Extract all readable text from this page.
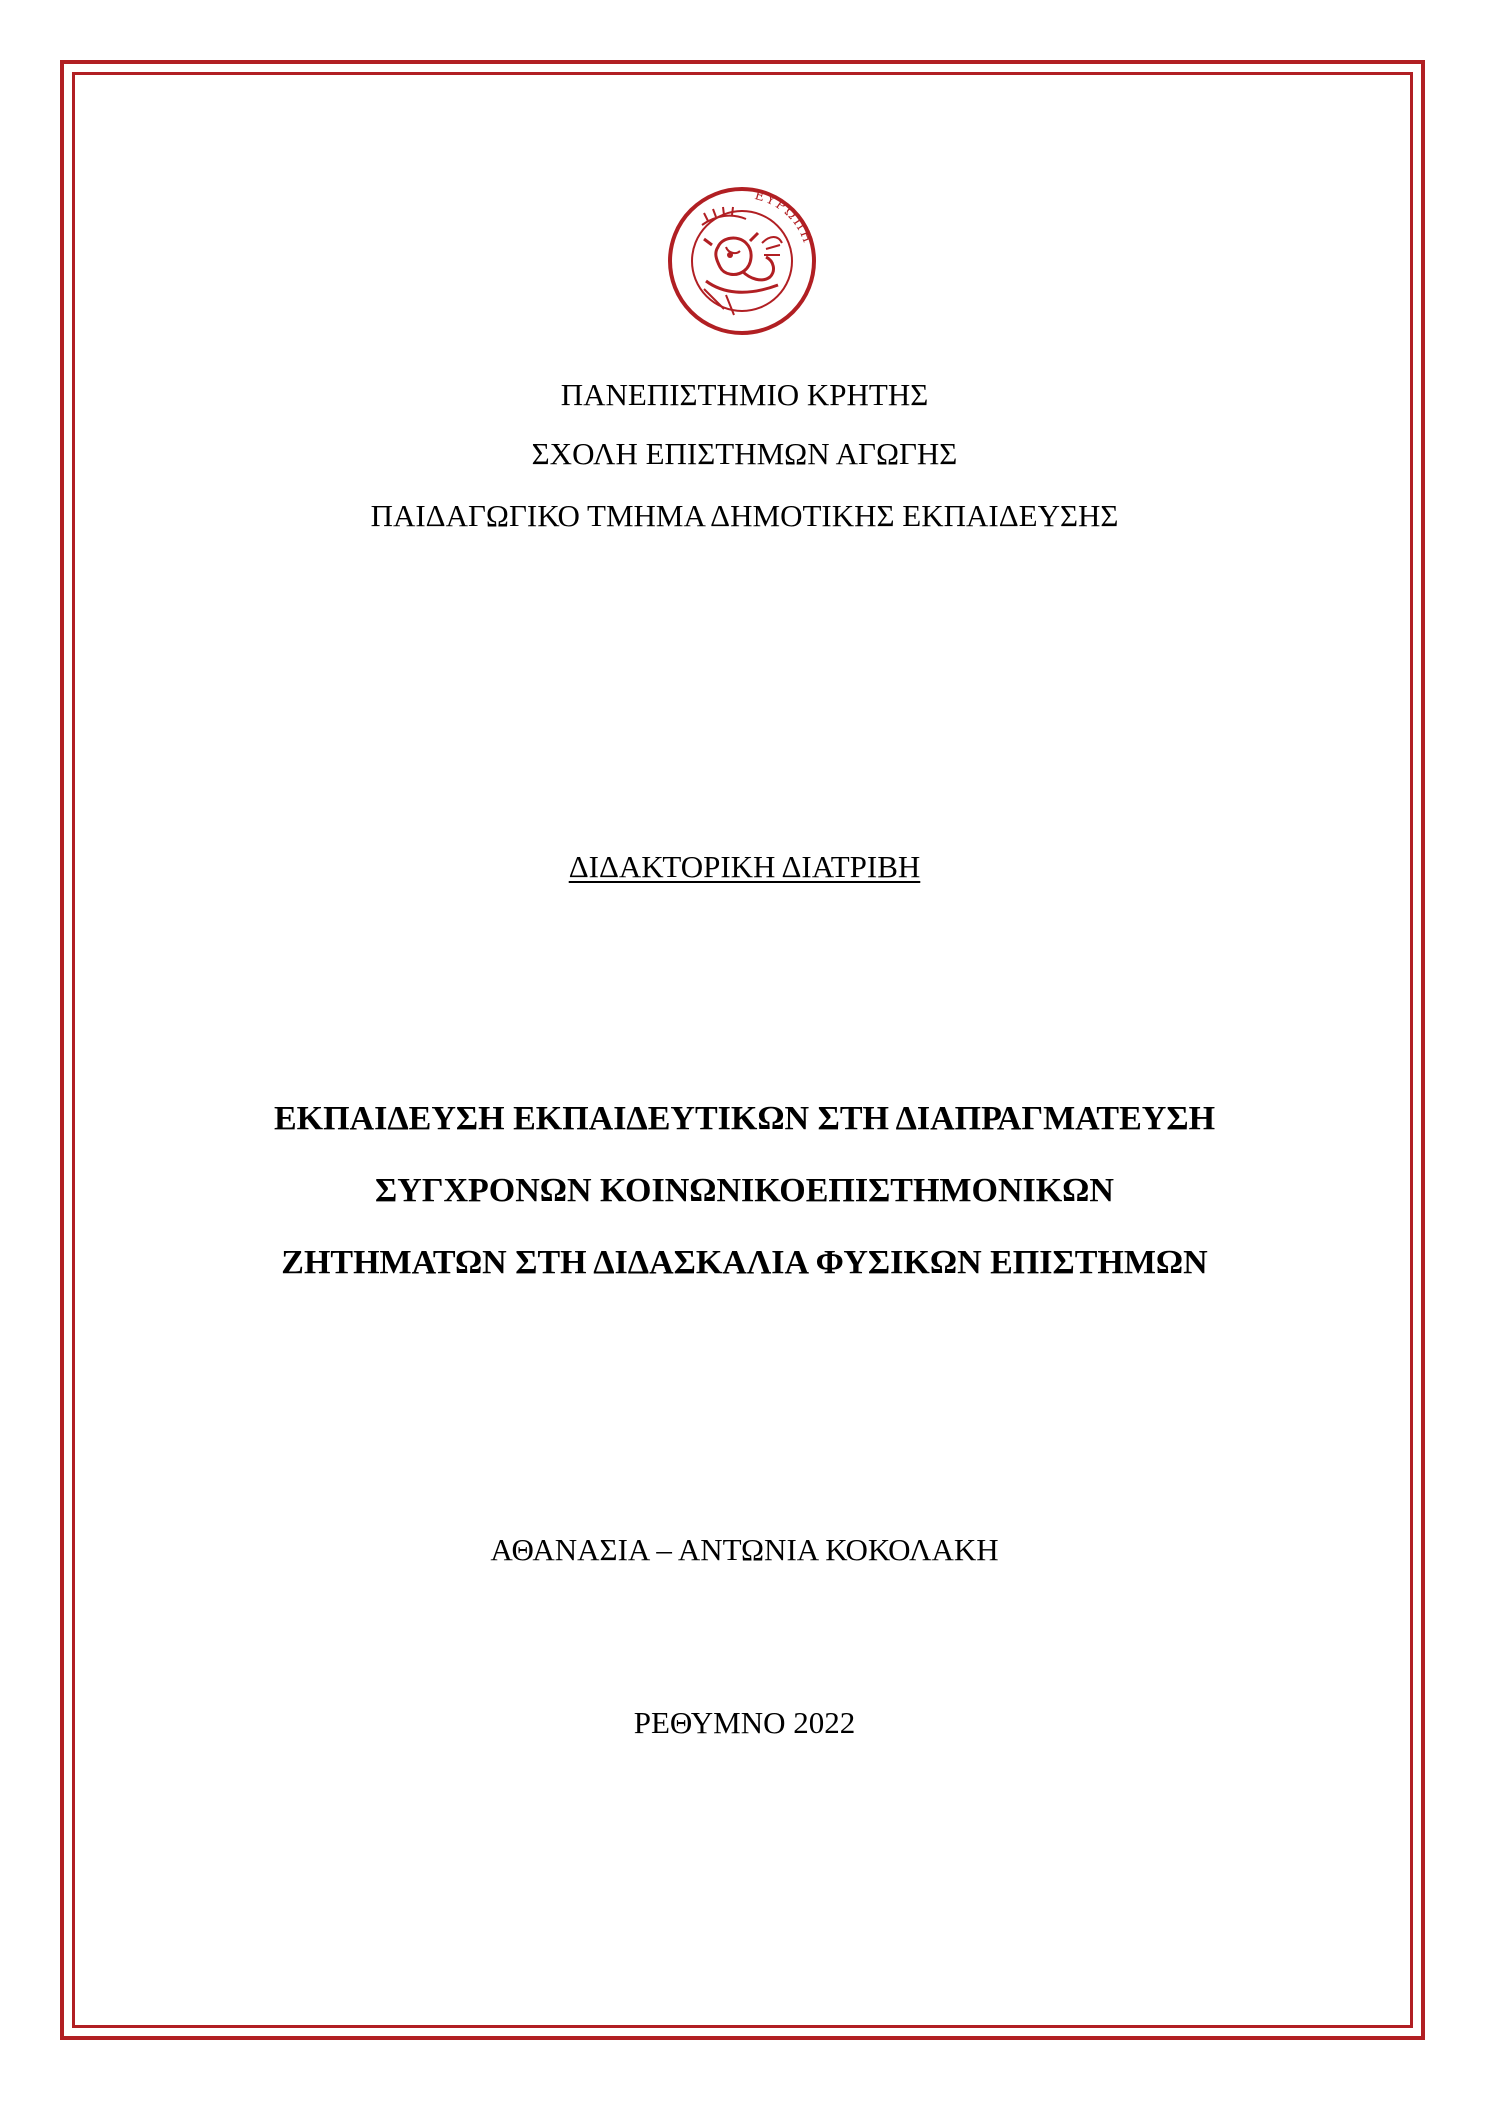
ΕΥΡΩΠΗ
ΠΑΝΕΠΙΣΤΗΜΙΟ ΚΡΗΤΗΣ
ΣΧΟΛΗ ΕΠΙΣΤΗΜΩΝ ΑΓΩΓΗΣ
ΠΑΙΔΑΓΩΓΙΚΟ ΤΜΗΜΑ ΔΗΜΟΤΙΚΗΣ ΕΚΠΑΙΔΕΥΣΗΣ
ΔΙΔΑΚΤΟΡΙΚΗ ΔΙΑΤΡΙΒΗ
ΕΚΠΑΙΔΕΥΣΗ ΕΚΠΑΙΔΕΥΤΙΚΩΝ ΣΤΗ ΔΙΑΠΡΑΓΜΑΤΕΥΣΗ
ΣΥΓΧΡΟΝΩΝ ΚΟΙΝΩΝΙΚΟΕΠΙΣΤΗΜΟΝΙΚΩΝ
ΖΗΤΗΜΑΤΩΝ ΣΤΗ ΔΙΔΑΣΚΑΛΙΑ ΦΥΣΙΚΩΝ ΕΠΙΣΤΗΜΩΝ
ΑΘΑΝΑΣΙΑ – ΑΝΤΩΝΙΑ ΚΟΚΟΛΑΚΗ
ΡΕΘΥΜΝΟ 2022
